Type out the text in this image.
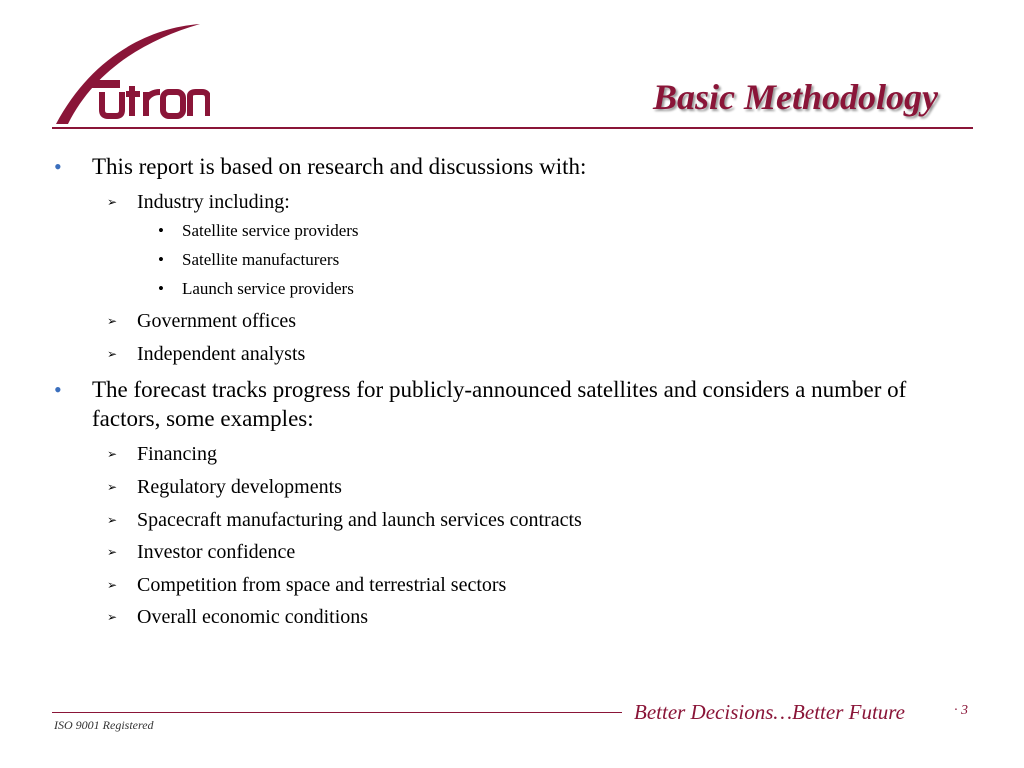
Basic Methodology
• This report is based on research and discussions with:
➢ Industry including:
• Satellite service providers
• Satellite manufacturers
• Launch service providers
➢ Government offices
➢ Independent analysts
• The forecast tracks progress for publicly-announced satellites and considers a number of factors, some examples:
➢ Financing
➢ Regulatory developments
➢ Spacecraft manufacturing and launch services contracts
➢ Investor confidence
➢ Competition from space and terrestrial sectors
➢ Overall economic conditions
Better Decisions…Better Future	· 3
ISO 9001 Registered
